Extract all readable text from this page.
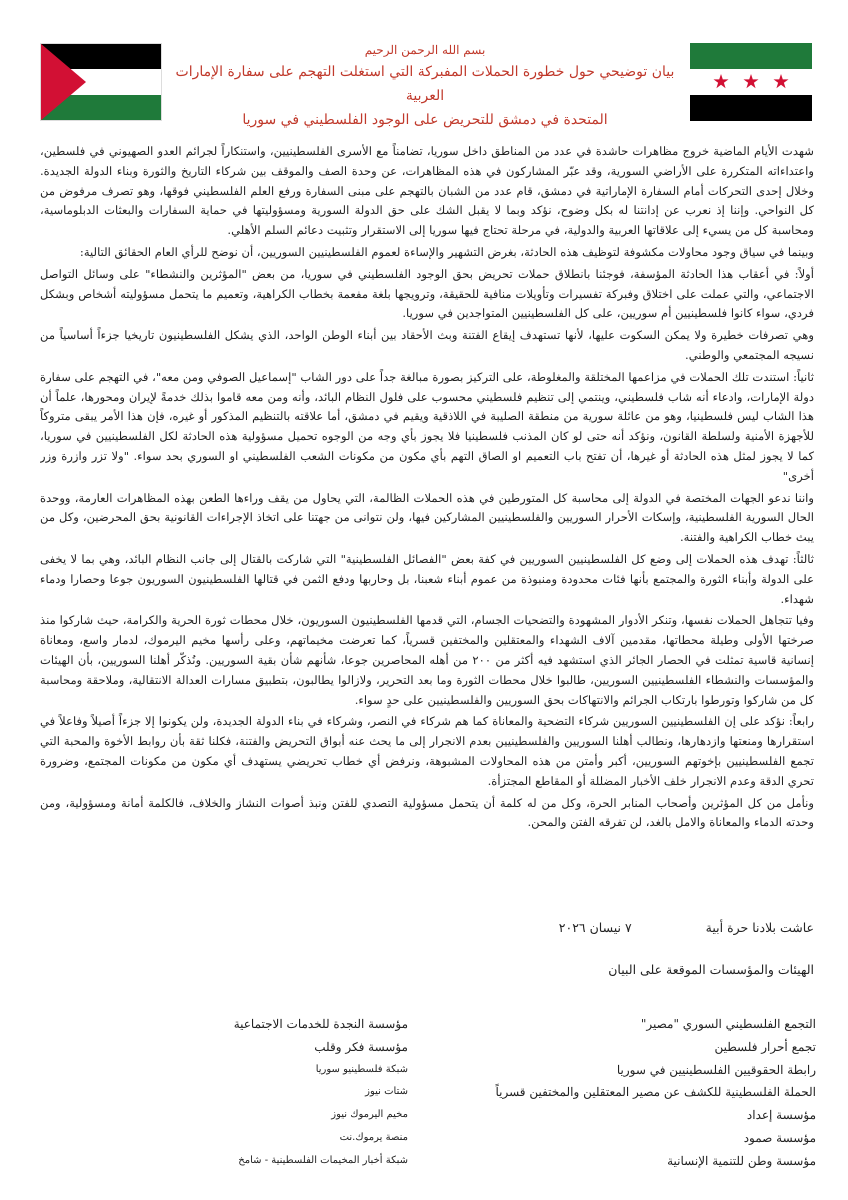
بسم الله الرحمن الرحيم
بيان توضيحي حول خطورة الحملات المفبركة التي استغلت التهجم على سفارة الإمارات العربية
المتحدة في دمشق للتحريض على الوجود الفلسطيني في سوريا

شهدت الأيام الماضية خروج مظاهرات حاشدة في عدد من المناطق داخل سوريا، تضامناً مع الأسرى الفلسطينيين، واستنكاراً لجرائم العدو الصهيوني في فلسطين، واعتداءاته المتكررة على الأراضي السورية، وقد عبّر المشاركون في هذه المظاهرات، عن وحدة الصف والموقف بين شركاء التاريخ والثورة وبناء الدولة الجديدة. وخلال إحدى التحركات أمام السفارة الإماراتية في دمشق، قام عدد من الشبان بالتهجم على مبنى السفارة ورفع العلم الفلسطيني فوقها، وهو تصرف مرفوض من كل النواحي. وإننا إذ نعرب عن إدانتنا له بكل وضوح، نؤكد وبما لا يقبل الشك على حق الدولة السورية ومسؤوليتها في حماية السفارات والبعثات الدبلوماسية، ومحاسبة كل من يسيء إلى علاقاتها العربية والدولية، في مرحلة تحتاج فيها سوريا إلى الاستقرار وتثبيت دعائم السلم الأهلي.

وبينما في سياق وجود محاولات مكشوفة لتوظيف هذه الحادثة، بغرض التشهير والإساءة لعموم الفلسطينيين السوريين، أن نوضح للرأي العام الحقائق التالية:

أولاً: في أعقاب هذا الحادثة المؤسفة، فوجئنا بانطلاق حملات تحريض بحق الوجود الفلسطيني في سوريا، من بعض "المؤثرين والنشطاء" على وسائل التواصل الاجتماعي، والتي عملت على اختلاق وفبركة تفسيرات وتأويلات منافية للحقيقة، وترويجها بلغة مفعمة بخطاب الكراهية، وتعميم ما يتحمل مسؤوليته أشخاص وبشكل فردي، سواء كانوا فلسطينيين أم سوريين، على كل الفلسطينيين المتواجدين في سوريا.

وهي تصرفات خطيرة ولا يمكن السكوت عليها، لأنها تستهدف إيقاع الفتنة وبث الأحقاد بين أبناء الوطن الواحد، الذي يشكل الفلسطينيون تاريخيا جزءاً أساسياً من نسيجه المجتمعي والوطني.

ثانياً: استندت تلك الحملات في مزاعمها المختلقة والمغلوطة، على التركيز بصورة مبالغة جداً على دور الشاب "إسماعيل الصوفي ومن معه"، في التهجم على سفارة دولة الإمارات، وادعاء أنه شاب فلسطيني، وينتمي إلى تنظيم فلسطيني محسوب على فلول النظام البائد، وأنه ومن معه قاموا بذلك خدمةً لإيران ومحورها، علماً أن هذا الشاب ليس فلسطينيا، وهو من عائلة سورية من منطقة الصليبة في اللاذقية ويقيم في دمشق، أما علاقته بالتنظيم المذكور أو غيره، فإن هذا الأمر يبقى متروكاً للأجهزة الأمنية ولسلطة القانون، ونؤكد أنه حتى لو كان المذنب فلسطينيا فلا يجوز بأي وجه من الوجوه تحميل مسؤولية هذه الحادثة لكل الفلسطينيين في سوريا، كما لا يجوز لمثل هذه الحادثة أو غيرها، أن تفتح باب التعميم او الصاق التهم بأي مكون من مكونات الشعب الفلسطيني او السوري بحد سواء. "ولا تزر وازرة وزر أخرى"

واننا ندعو الجهات المختصة في الدولة إلى محاسبة كل المتورطين في هذه الحملات الظالمة، التي يحاول من يقف وراءها الطعن بهذه المظاهرات العارمة، ووحدة الحال السورية الفلسطينية، وإسكات الأحرار السوريين والفلسطينيين المشاركين فيها، ولن نتوانى من جهتنا على اتخاذ الإجراءات القانونية بحق المحرضين، وكل من يبث خطاب الكراهية والفتنة.

ثالثاً: تهدف هذه الحملات إلى وضع كل الفلسطينيين السوريين في كفة بعض "الفصائل الفلسطينية" التي شاركت بالقتال إلى جانب النظام البائد، وهي بما لا يخفى على الدولة وأبناء الثورة والمجتمع بأنها فئات محدودة ومنبوذة من عموم أبناء شعبنا، بل وحاربها ودفع الثمن في قتالها الفلسطينيون السوريون جوعا وحصارا ودماء شهداء.

وفيا تتجاهل الحملات نفسها، وتنكر الأدوار المشهودة والتضحيات الجسام، التي قدمها الفلسطينيون السوريون، خلال محطات ثورة الحرية والكرامة، حيث شاركوا منذ صرختها الأولى وطيلة محطاتها، مقدمين آلاف الشهداء والمعتقلين والمختفين قسرياً، كما تعرضت مخيماتهم، وعلى رأسها مخيم اليرموك، لدمار واسع، ومعاناة إنسانية قاسية تمثلت في الحصار الجائر الذي استشهد فيه أكثر من ٢٠٠ من أهله المحاصرين جوعا، شأنهم شأن بقية السوريين. ونُذكّر أهلنا السوريين، بأن الهيئات والمؤسسات والنشطاء الفلسطينيين السوريين، طالبوا خلال محطات الثورة وما بعد التحرير، ولازالوا يطالبون، بتطبيق مسارات العدالة الانتقالية، وملاحقة ومحاسبة كل من شاركوا وتورطوا بارتكاب الجرائم والانتهاكات بحق السوريين والفلسطينيين على حدٍ سواء.

رابعاً: نؤكد على إن الفلسطينيين السوريين شركاء التضحية والمعاناة كما هم شركاء في النصر، وشركاء في بناء الدولة الجديدة، ولن يكونوا إلا جزءاً أصيلاً وفاعلاً في استقرارها ومنعتها وازدهارها، ونطالب أهلنا السوريين والفلسطينيين بعدم الانجرار إلى ما يحث عنه أبواق التحريض والفتنة، فكلنا ثقة بأن روابط الأخوة والمحبة التي تجمع الفلسطينيين بإخوتهم السوريين، أكبر وأمتن من هذه المحاولات المشبوهة، ونرفض أي خطاب تحريضي يستهدف أي مكون من مكونات المجتمع، وضرورة تحري الدقة وعدم الانجرار خلف الأخبار المضللة أو المقاطع المجتزأة.

ونأمل من كل المؤثرين وأصحاب المنابر الحرة، وكل من له كلمة أن يتحمل مسؤولية التصدي للفتن ونبذ أصوات النشاز والخلاف، فالكلمة أمانة ومسؤولية، ومن وحدته الدماء والمعاناة والامل بالغد، لن تفرقه الفتن والمحن.

عاشت بلادنا حرة أبية ٧ نيسان ٢٠٢٦
الهيئات والمؤسسات الموقعة على البيان
التجمع الفلسطيني السوري "مصير"
تجمع أحرار فلسطين
رابطة الحقوقيين الفلسطينيين في سوريا
الحملة الفلسطينية للكشف عن مصير المعتقلين والمختفين قسرياً
مؤسسة إعداد
مؤسسة صمود
مؤسسة وطن للتنمية الإنسانية
مؤسسة النجدة للخدمات الاجتماعية
مؤسسة فكر وقلب
شبكة فلسطينيو سوريا
شتات نيوز
مخيم اليرموك نيوز
منصة يرموك.نت
شبكة أخبار المخيمات الفلسطينية - شامخ
